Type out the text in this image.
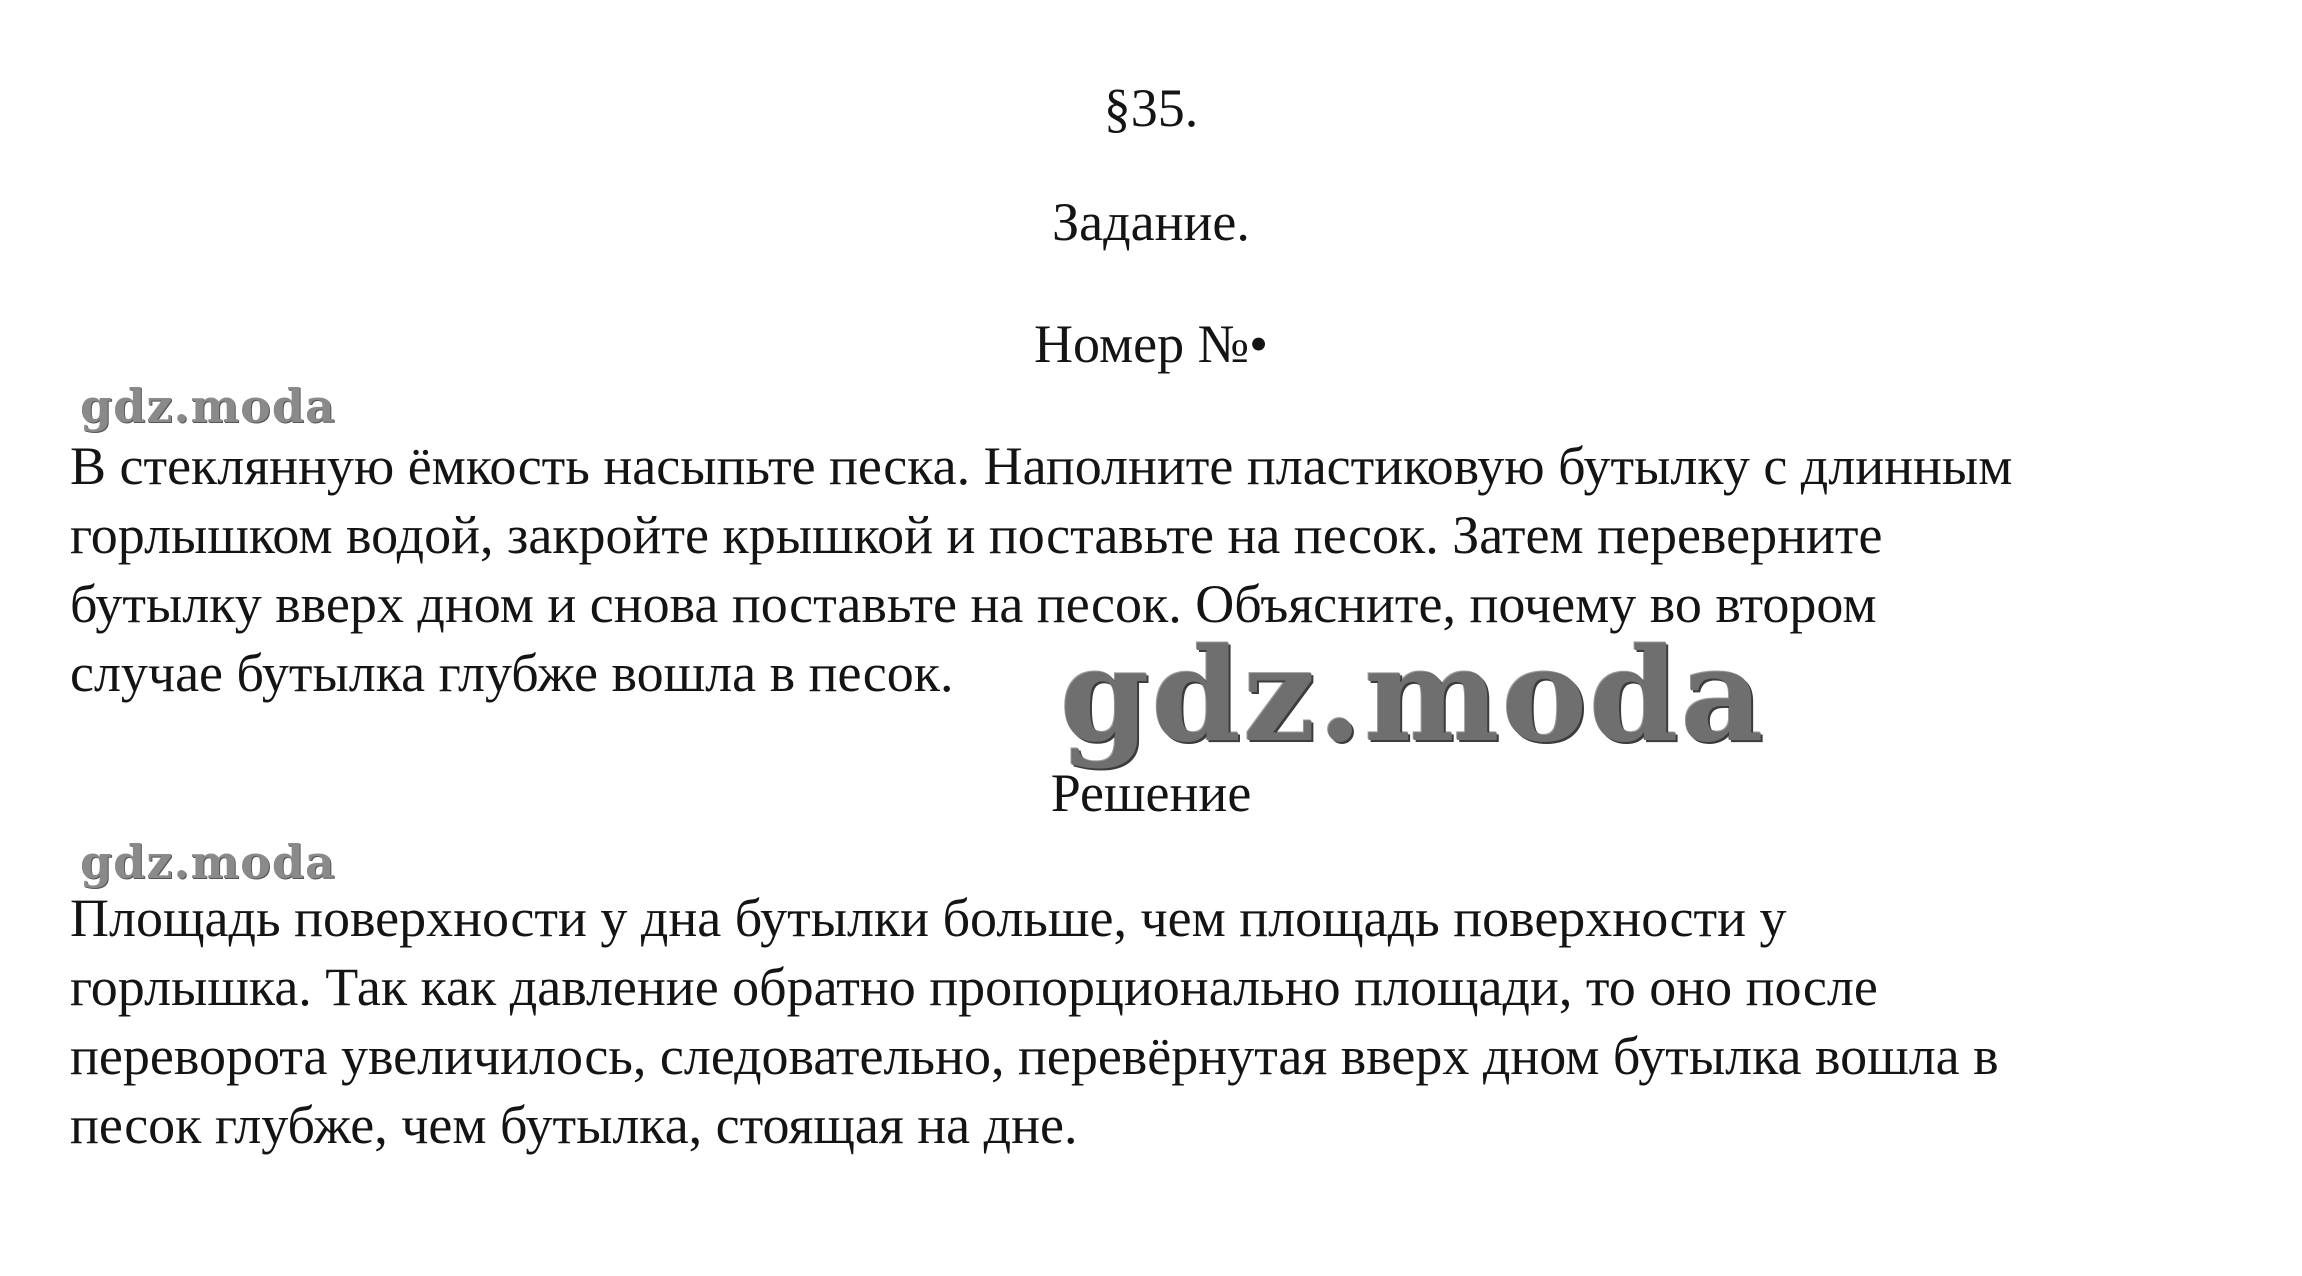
§35.
Задание.
Номер №•
gdz.moda
В стеклянную ёмкость насыпьте песка. Наполните пластиковую бутылку с длинным
горлышком водой, закройте крышкой и поставьте на песок. Затем переверните
бутылку вверх дном и снова поставьте на песок. Объясните, почему во втором
случае бутылка глубже вошла в песок. gdz.moda
Решение
gdz.moda
Площадь поверхности у дна бутылки больше, чем площадь поверхности у
горлышка. Так как давление обратно пропорционально площади, то оно после
переворота увеличилось, следовательно, перевёрнутая вверх дном бутылка вошла в
песок глубже, чем бутылка, стоящая на дне.
